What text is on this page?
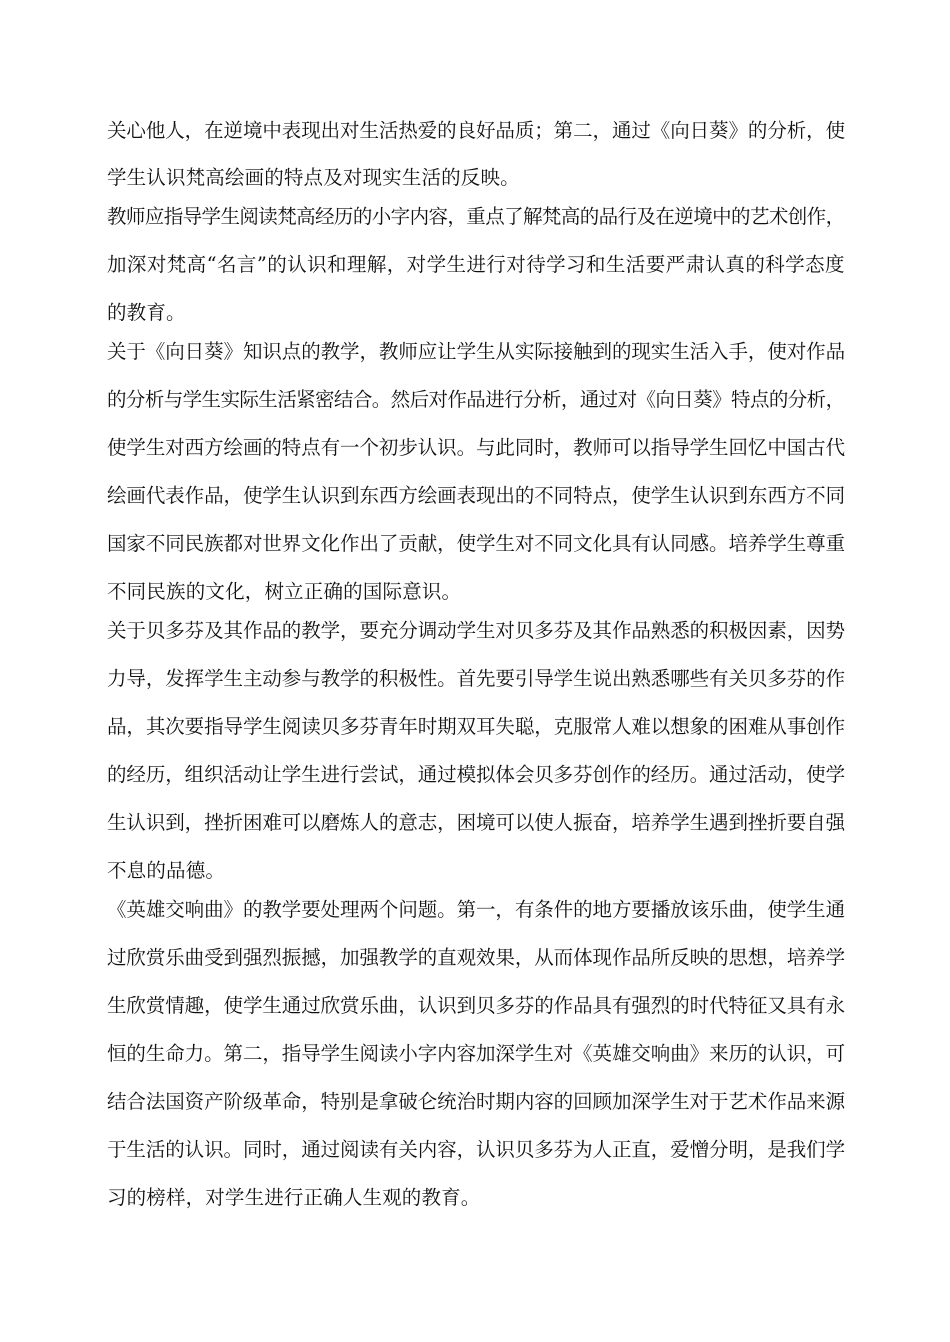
关心他人，在逆境中表现出对生活热爱的良好品质；第二，通过《向日葵》的分析，使
学生认识梵高绘画的特点及对现实生活的反映。
教师应指导学生阅读梵高经历的小字内容，重点了解梵高的品行及在逆境中的艺术创作，
加深对梵高“名言”的认识和理解，对学生进行对待学习和生活要严肃认真的科学态度
的教育。
关于《向日葵》知识点的教学，教师应让学生从实际接触到的现实生活入手，使对作品
的分析与学生实际生活紧密结合。然后对作品进行分析，通过对《向日葵》特点的分析，
使学生对西方绘画的特点有一个初步认识。与此同时，教师可以指导学生回忆中国古代
绘画代表作品，使学生认识到东西方绘画表现出的不同特点，使学生认识到东西方不同
国家不同民族都对世界文化作出了贡献，使学生对不同文化具有认同感。培养学生尊重
不同民族的文化，树立正确的国际意识。
关于贝多芬及其作品的教学，要充分调动学生对贝多芬及其作品熟悉的积极因素，因势
力导，发挥学生主动参与教学的积极性。首先要引导学生说出熟悉哪些有关贝多芬的作
品，其次要指导学生阅读贝多芬青年时期双耳失聪，克服常人难以想象的困难从事创作
的经历，组织活动让学生进行尝试，通过模拟体会贝多芬创作的经历。通过活动，使学
生认识到，挫折困难可以磨炼人的意志，困境可以使人振奋，培养学生遇到挫折要自强
不息的品德。
《英雄交响曲》的教学要处理两个问题。第一，有条件的地方要播放该乐曲，使学生通
过欣赏乐曲受到强烈振撼，加强教学的直观效果，从而体现作品所反映的思想，培养学
生欣赏情趣，使学生通过欣赏乐曲，认识到贝多芬的作品具有强烈的时代特征又具有永
恒的生命力。第二，指导学生阅读小字内容加深学生对《英雄交响曲》来历的认识，可
结合法国资产阶级革命，特别是拿破仑统治时期内容的回顾加深学生对于艺术作品来源
于生活的认识。同时，通过阅读有关内容，认识贝多芬为人正直，爱憎分明，是我们学
习的榜样，对学生进行正确人生观的教育。
